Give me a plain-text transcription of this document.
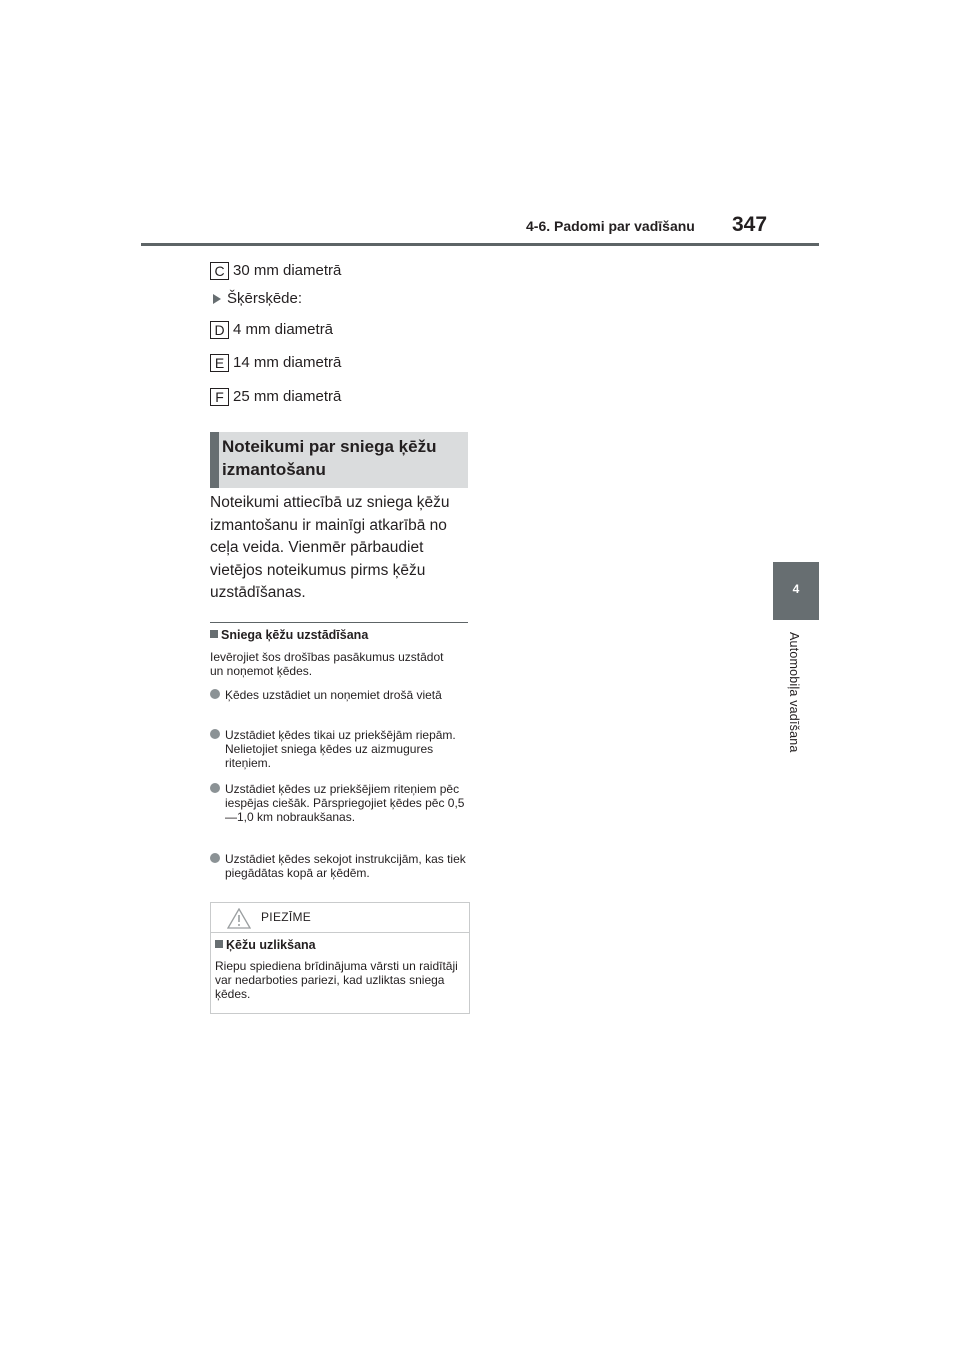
4-6. Padomi par vadīšanu 347
4
Automobiļa vadīšana
C 30 mm diametrā
Šķērsķēde:
D 4 mm diametrā
E 14 mm diametrā
F 25 mm diametrā
Noteikumi par sniega ķēžu
izmantošanu
Noteikumi attiecībā uz sniega ķēžu izmantošanu ir mainīgi atkarībā no ceļa veida. Vienmēr pārbaudiet vietējos noteikumus pirms ķēžu uzstādīšanas.
Sniega ķēžu uzstādīšana
Ievērojiet šos drošības pasākumus uzstādot un noņemot ķēdes.
Ķēdes uzstādiet un noņemiet drošā vietā
Uzstādiet ķēdes tikai uz priekšējām riepām. Nelietojiet sniega ķēdes uz aizmugures riteņiem.
Uzstādiet ķēdes uz priekšējiem riteņiem pēc iespējas ciešāk. Pārspriegojiet ķēdes pēc 0,5—1,0 km nobraukšanas.
Uzstādiet ķēdes sekojot instrukcijām, kas tiek piegādātas kopā ar ķēdēm.
PIEZĪME
Ķēžu uzlikšana
Riepu spiediena brīdinājuma vārsti un raidītāji var nedarboties pariezi, kad uzliktas sniega ķēdes.
